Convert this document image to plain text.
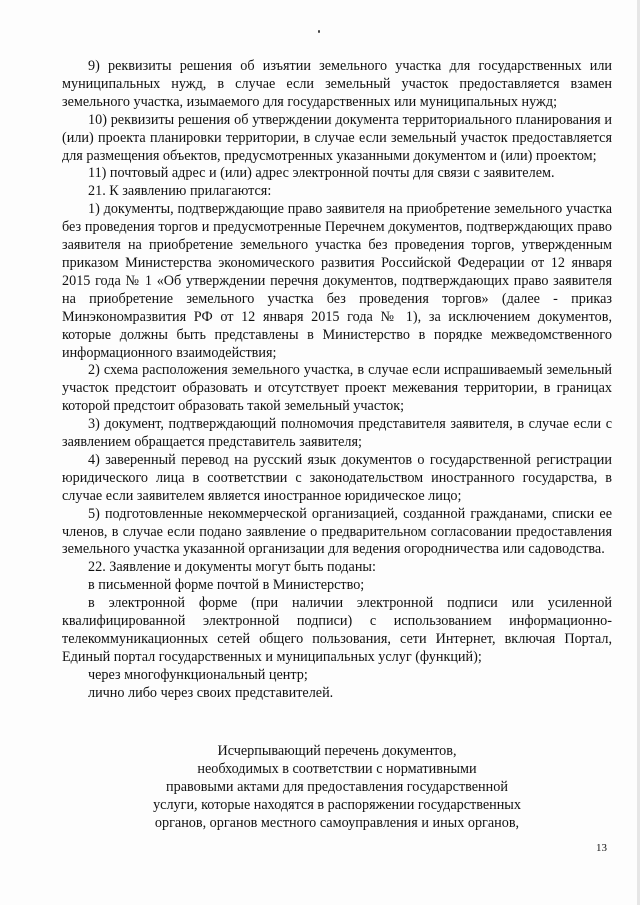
9) реквизиты решения об изъятии земельного участка для государственных или муниципальных нужд, в случае если земельный участок предоставляется взамен земельного участка, изымаемого для государственных или муниципальных нужд;

10) реквизиты решения об утверждении документа территориального планирования и (или) проекта планировки территории, в случае если земельный участок предоставляется для размещения объектов, предусмотренных указанными документом и (или) проектом;

11) почтовый адрес и (или) адрес электронной почты для связи с заявителем.

21. К заявлению прилагаются:

1) документы, подтверждающие право заявителя на приобретение земельного участка без проведения торгов и предусмотренные Перечнем документов, подтверждающих право заявителя на приобретение земельного участка без проведения торгов, утвержденным приказом Министерства экономического развития Российской Федерации от 12 января 2015 года № 1 «Об утверждении перечня документов, подтверждающих право заявителя на приобретение земельного участка без проведения торгов» (далее - приказ Минэкономразвития РФ от 12 января 2015 года № 1), за исключением документов, которые должны быть представлены в Министерство в порядке межведомственного информационного взаимодействия;

2) схема расположения земельного участка, в случае если испрашиваемый земельный участок предстоит образовать и отсутствует проект межевания территории, в границах которой предстоит образовать такой земельный участок;

3) документ, подтверждающий полномочия представителя заявителя, в случае если с заявлением обращается представитель заявителя;

4) заверенный перевод на русский язык документов о государственной регистрации юридического лица в соответствии с законодательством иностранного государства, в случае если заявителем является иностранное юридическое лицо;

5) подготовленные некоммерческой организацией, созданной гражданами, списки ее членов, в случае если подано заявление о предварительном согласовании предоставления земельного участка указанной организации для ведения огородничества или садоводства.

22. Заявление и документы могут быть поданы:

в письменной форме почтой в Министерство;

в электронной форме (при наличии электронной подписи или усиленной квалифицированной электронной подписи) с использованием информационно-телекоммуникационных сетей общего пользования, сети Интернет, включая Портал, Единый портал государственных и муниципальных услуг (функций);

через многофункциональный центр;

лично либо через своих представителей.

Исчерпывающий перечень документов,
необходимых в соответствии с нормативными
правовыми актами для предоставления государственной
услуги, которые находятся в распоряжении государственных
органов, органов местного самоуправления и иных органов,
13
